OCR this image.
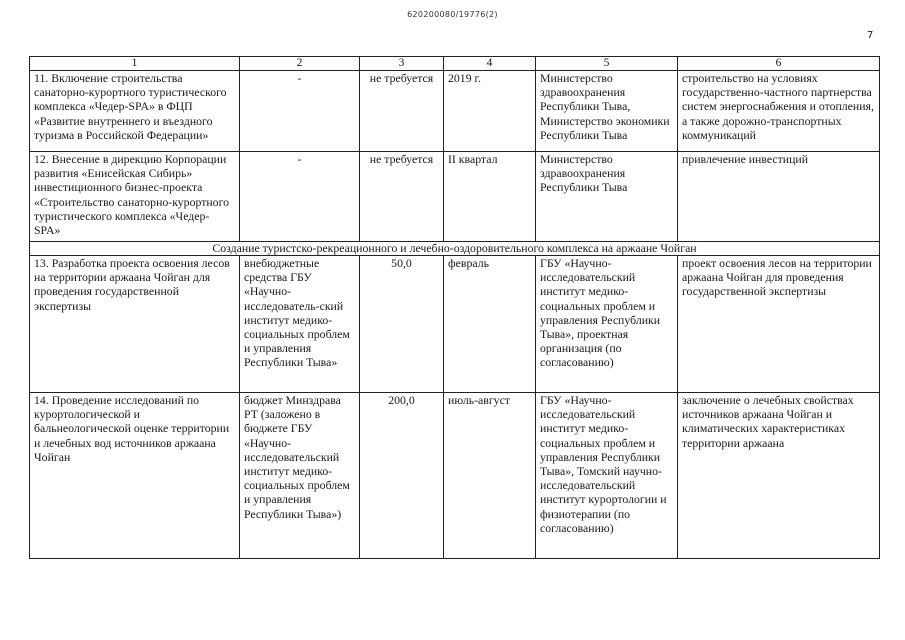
620200080/19776(2)
7
1	2	3	4	5	6
11. Включение строительства санаторно-курортного туристического комплекса «Чедер-SPA» в ФЦП «Развитие внутреннего и въездного туризма в Российской Федерации»	-	не требуется	2019 г.	Министерство здравоохранения Республики Тыва, Министерство экономики Республики Тыва	строительство на условиях государственно-частного партнерства систем энергоснабжения и отопления, а также дорожно-транспортных коммуникаций
12. Внесение в дирекцию Корпорации развития «Енисейская Сибирь» инвестиционного бизнес-проекта «Строительство санаторно-курортного туристического комплекса «Чедер-SPA»	-	не требуется	II квартал	Министерство здравоохранения Республики Тыва	привлечение инвестиций
Создание туристско-рекреационного и лечебно-оздоровительного комплекса на аржаане Чойган					
13. Разработка проекта освоения лесов на территории аржаана Чойган для проведения государственной экспертизы	внебюджетные средства ГБУ «Научно-исследователь-ский институт медико-социальных проблем и управления Республики Тыва»	50,0	февраль	ГБУ «Научно-исследовательский институт медико-социальных проблем и управления Республики Тыва», проектная организация (по согласованию)	проект освоения лесов на территории аржаана Чойган для проведения государственной экспертизы
14. Проведение исследований по курортологической и бальнеологической оценке территории и лечебных вод источников аржаана Чойган	бюджет Минздрава РТ (заложено в бюджете ГБУ «Научно-исследовательский институт медико-социальных проблем и управления Республики Тыва»)	200,0	июль-август	ГБУ «Научно-исследовательский институт медико-социальных проблем и управления Республики Тыва», Томский научно-исследовательский институт курортологии и физиотерапии (по согласованию)	заключение о лечебных свойствах источников аржаана Чойган и климатических характеристиках территории аржаана
